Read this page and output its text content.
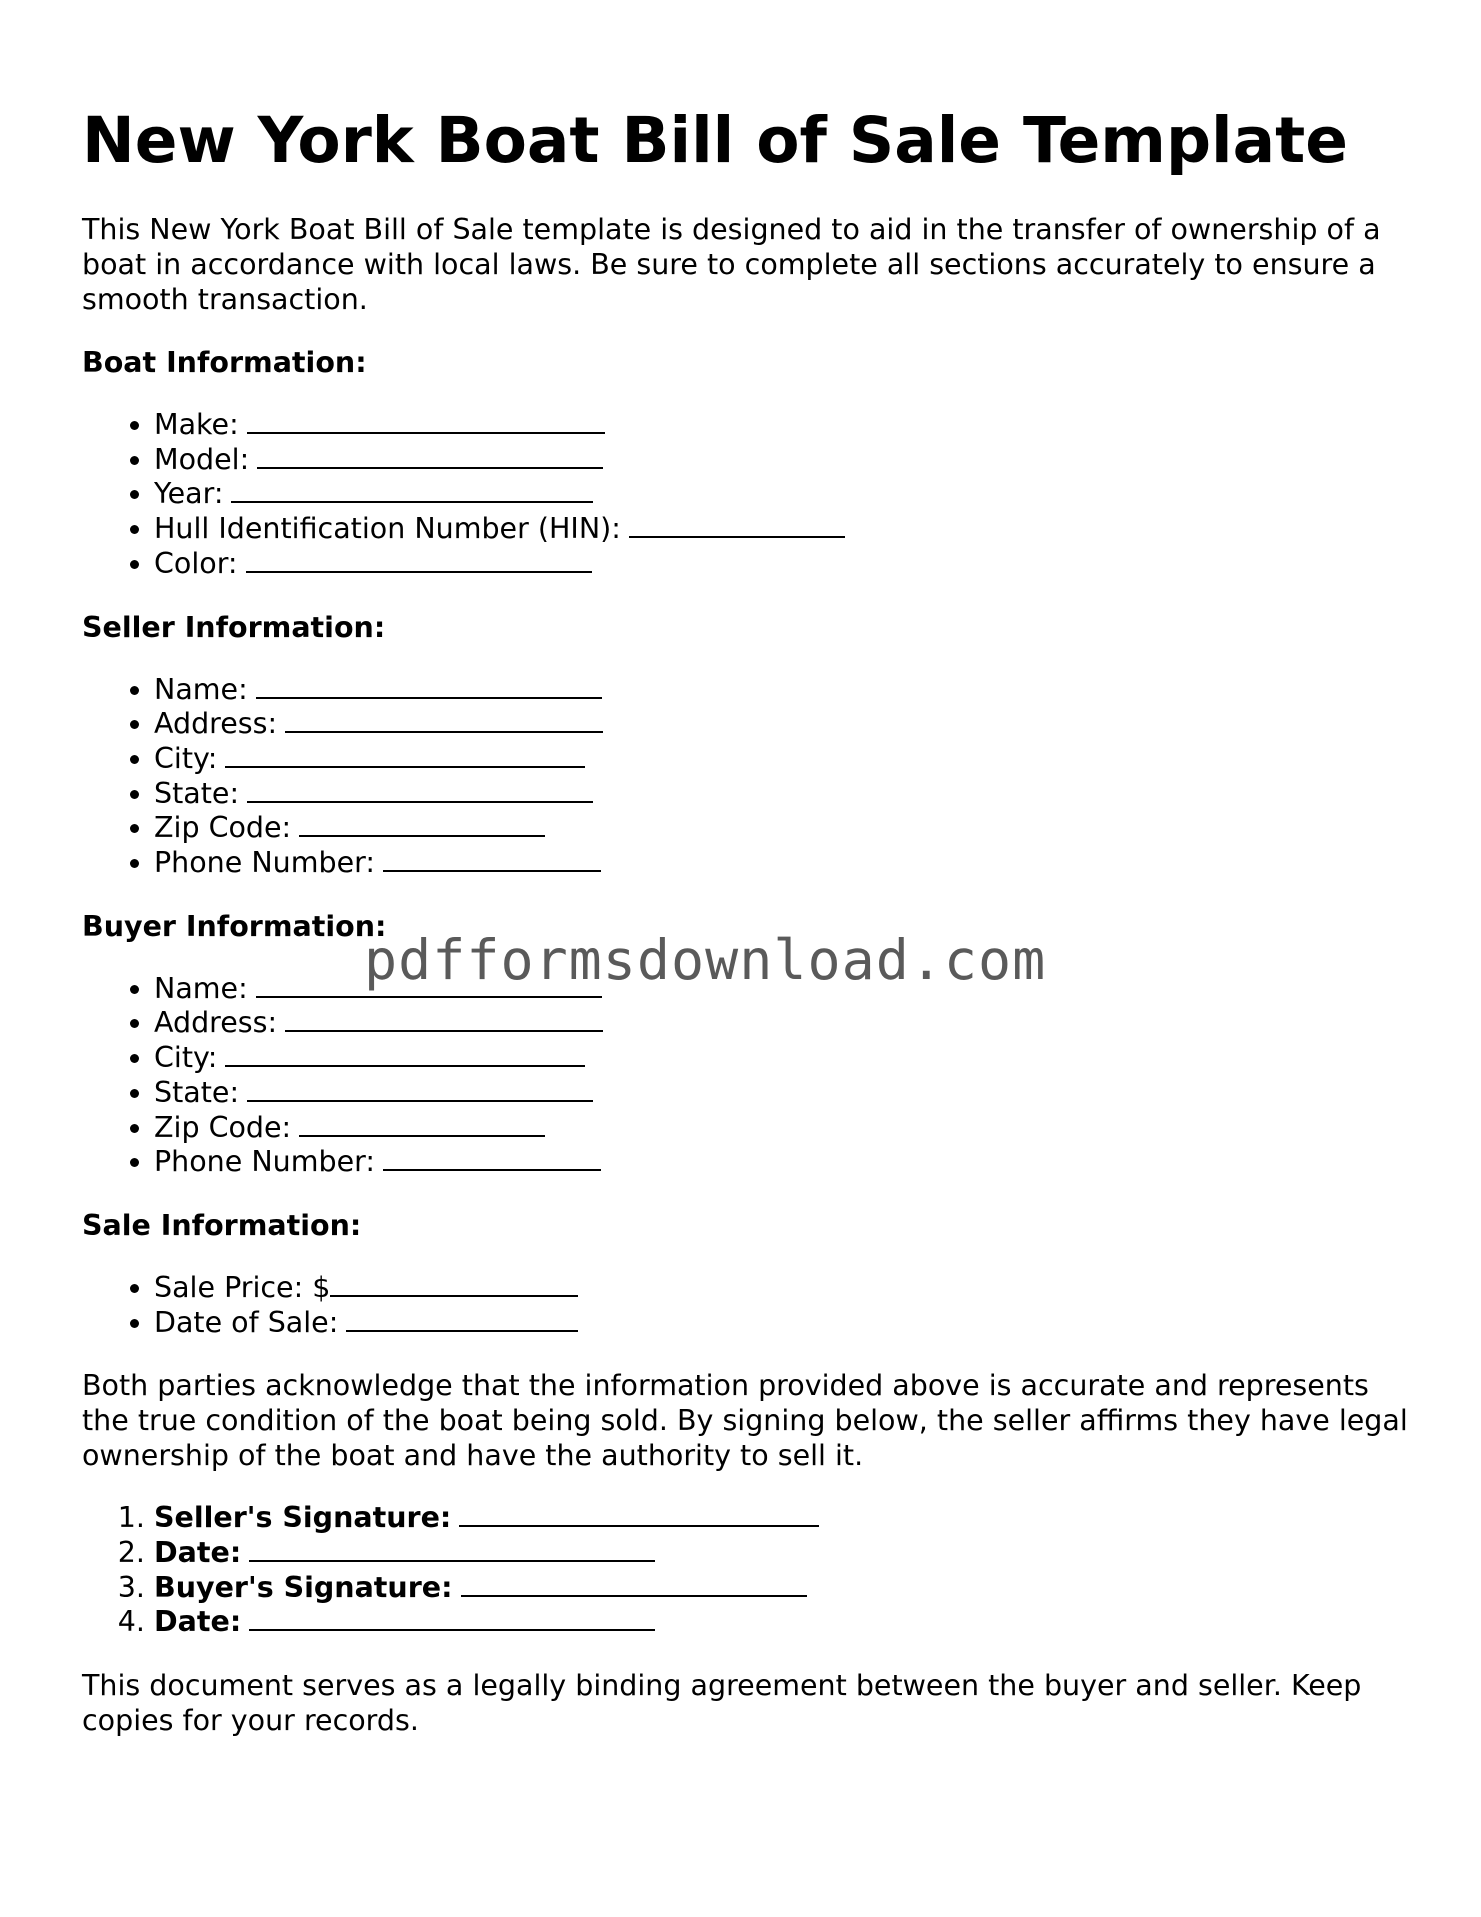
New York Boat Bill of Sale Template

This New York Boat Bill of Sale template is designed to aid in the transfer of ownership of a boat in accordance with local laws. Be sure to complete all sections accurately to ensure a smooth transaction.

Boat Information:

• Make:
• Model:
• Year:
• Hull Identification Number (HIN):
• Color:

Seller Information:

• Name:
• Address:
• City:
• State:
• Zip Code:
• Phone Number:

Buyer Information:

• Name:
• Address:
• City:
• State:
• Zip Code:
• Phone Number:

Sale Information:

• Sale Price: $
• Date of Sale:

Both parties acknowledge that the information provided above is accurate and represents the true condition of the boat being sold. By signing below, the seller affirms they have legal ownership of the boat and have the authority to sell it.

1. Seller's Signature:
2. Date:
3. Buyer's Signature:
4. Date:

This document serves as a legally binding agreement between the buyer and seller. Keep copies for your records.

pdfformsdownload.com
